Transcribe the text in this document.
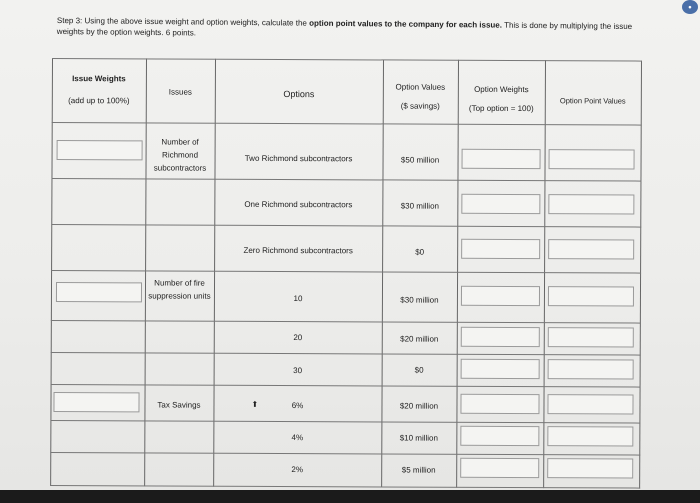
Step 3: Using the above issue weight and option weights, calculate the option point values to the company for each issue. This is done by multiplying the issue weights by the option weights. 6 points.
Issue Weights
(add up to 100%)
Issues	Options
Option Values
($ savings)
Option Weights
(Top option = 100)
Option Point Values
Number of Richmond subcontractors
Number of fire suppression units
Tax Savings
Two Richmond subcontractors
One Richmond subcontractors
Zero Richmond subcontractors
10
20
30
6%
4%
2%
⬆
$50 million
$30 million
$0
$30 million
$20 million
$0
$20 million
$10 million
$5 million
•
